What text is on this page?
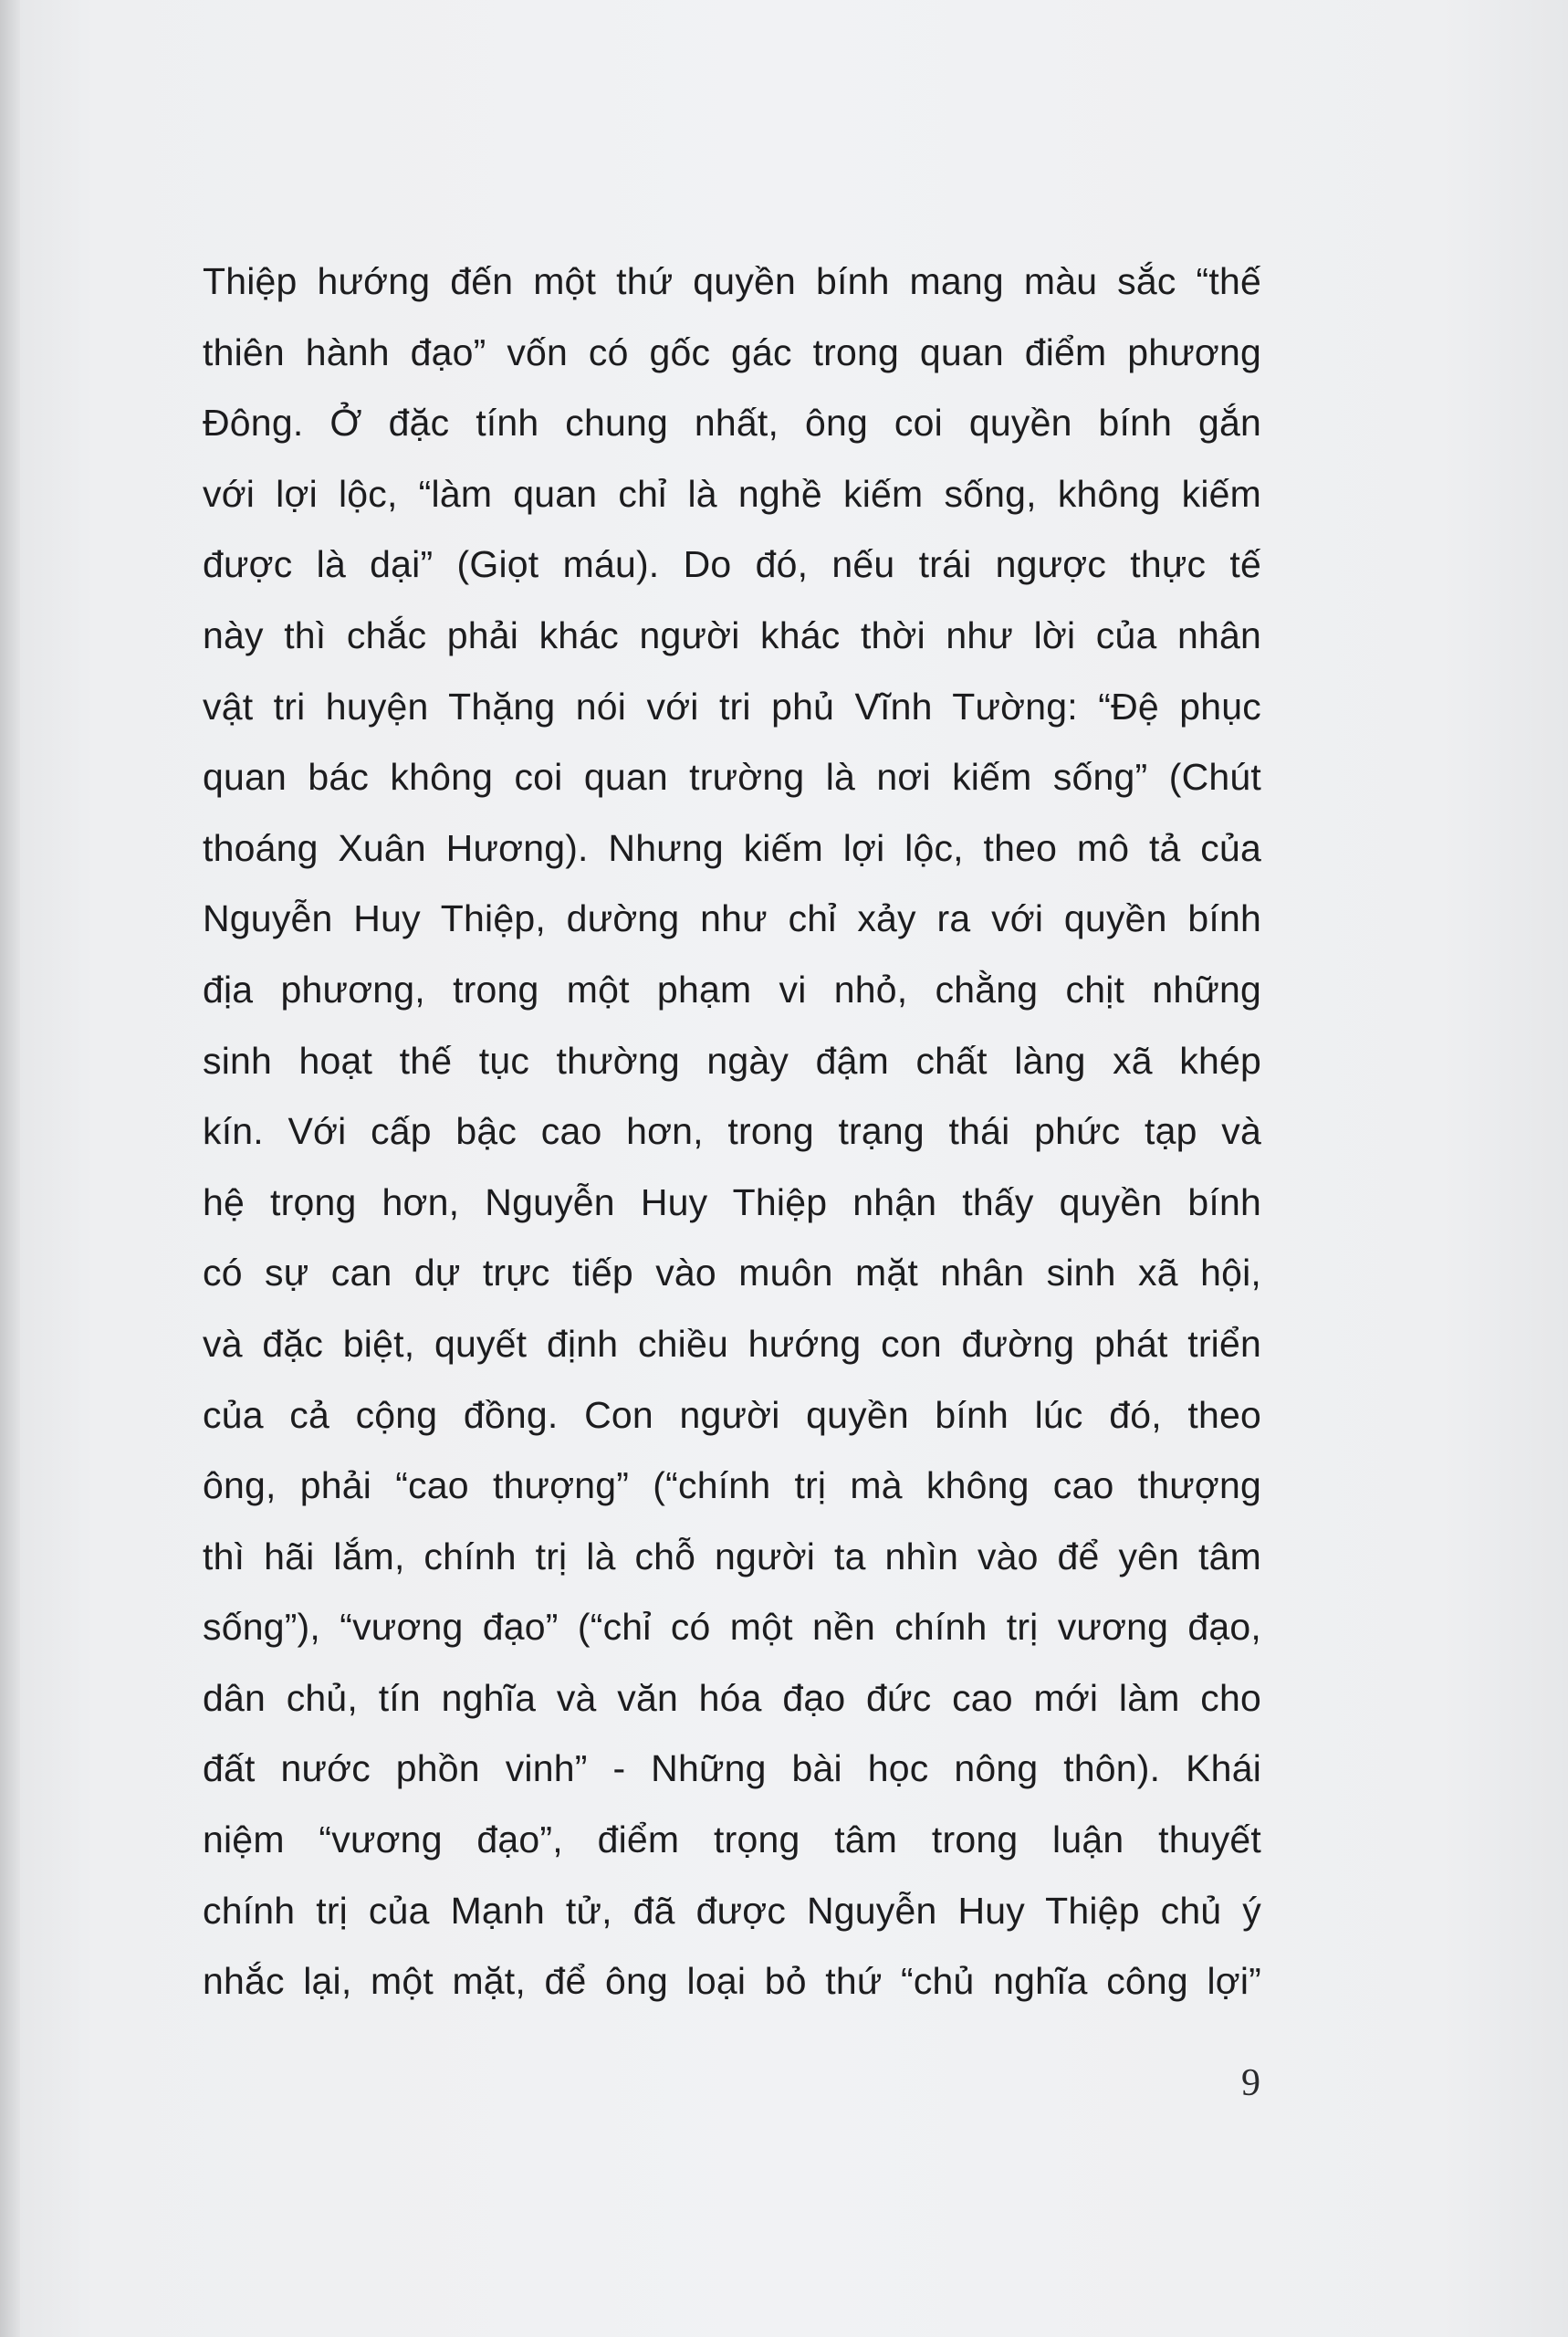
Thiệp hướng đến một thứ quyền bính mang màu sắc “thế
thiên hành đạo” vốn có gốc gác trong quan điểm phương
Đông. Ở đặc tính chung nhất, ông coi quyền bính gắn
với lợi lộc, “làm quan chỉ là nghề kiếm sống, không kiếm
được là dại” (Giọt máu). Do đó, nếu trái ngược thực tế
này thì chắc phải khác người khác thời như lời của nhân
vật tri huyện Thặng nói với tri phủ Vĩnh Tường: “Đệ phục
quan bác không coi quan trường là nơi kiếm sống” (Chút
thoáng Xuân Hương). Nhưng kiếm lợi lộc, theo mô tả của
Nguyễn Huy Thiệp, dường như chỉ xảy ra với quyền bính
địa phương, trong một phạm vi nhỏ, chằng chịt những
sinh hoạt thế tục thường ngày đậm chất làng xã khép
kín. Với cấp bậc cao hơn, trong trạng thái phức tạp và
hệ trọng hơn, Nguyễn Huy Thiệp nhận thấy quyền bính
có sự can dự trực tiếp vào muôn mặt nhân sinh xã hội,
và đặc biệt, quyết định chiều hướng con đường phát triển
của cả cộng đồng. Con người quyền bính lúc đó, theo
ông, phải “cao thượng” (“chính trị mà không cao thượng
thì hãi lắm, chính trị là chỗ người ta nhìn vào để yên tâm
sống”), “vương đạo” (“chỉ có một nền chính trị vương đạo,
dân chủ, tín nghĩa và văn hóa đạo đức cao mới làm cho
đất nước phồn vinh” - Những bài học nông thôn). Khái
niệm “vương đạo”, điểm trọng tâm trong luận thuyết
chính trị của Mạnh tử, đã được Nguyễn Huy Thiệp chủ ý
nhắc lại, một mặt, để ông loại bỏ thứ “chủ nghĩa công lợi”
9
